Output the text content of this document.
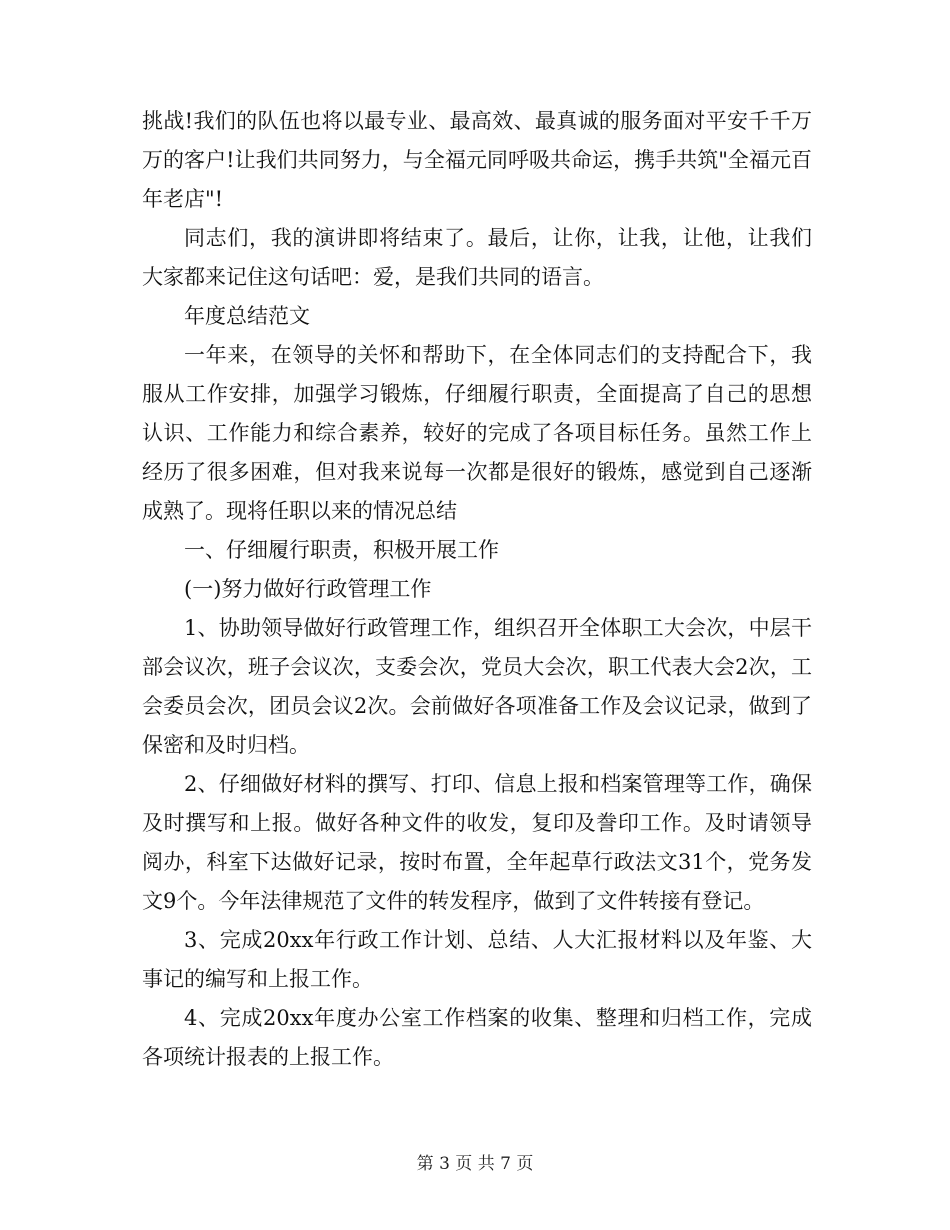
挑战!我们的队伍也将以最专业、最高效、最真诚的服务面对平安千千万万的客户!让我们共同努力，与全福元同呼吸共命运，携手共筑"全福元百年老店"!

同志们，我的演讲即将结束了。最后，让你，让我，让他，让我们大家都来记住这句话吧：爱，是我们共同的语言。

年度总结范文

一年来，在领导的关怀和帮助下，在全体同志们的支持配合下，我服从工作安排，加强学习锻炼，仔细履行职责，全面提高了自己的思想认识、工作能力和综合素养，较好的完成了各项目标任务。虽然工作上经历了很多困难，但对我来说每一次都是很好的锻炼，感觉到自己逐渐成熟了。现将任职以来的情况总结

一、仔细履行职责，积极开展工作

(一)努力做好行政管理工作

1、协助领导做好行政管理工作，组织召开全体职工大会次，中层干部会议次，班子会议次，支委会次，党员大会次，职工代表大会2次，工会委员会次，团员会议2次。会前做好各项准备工作及会议记录，做到了保密和及时归档。

2、仔细做好材料的撰写、打印、信息上报和档案管理等工作，确保及时撰写和上报。做好各种文件的收发，复印及誊印工作。及时请领导阅办，科室下达做好记录，按时布置，全年起草行政法文31个，党务发文9个。今年法律规范了文件的转发程序，做到了文件转接有登记。

3、完成20xx年行政工作计划、总结、人大汇报材料以及年鉴、大事记的编写和上报工作。

4、完成20xx年度办公室工作档案的收集、整理和归档工作，完成各项统计报表的上报工作。

第 3 页 共 7 页
